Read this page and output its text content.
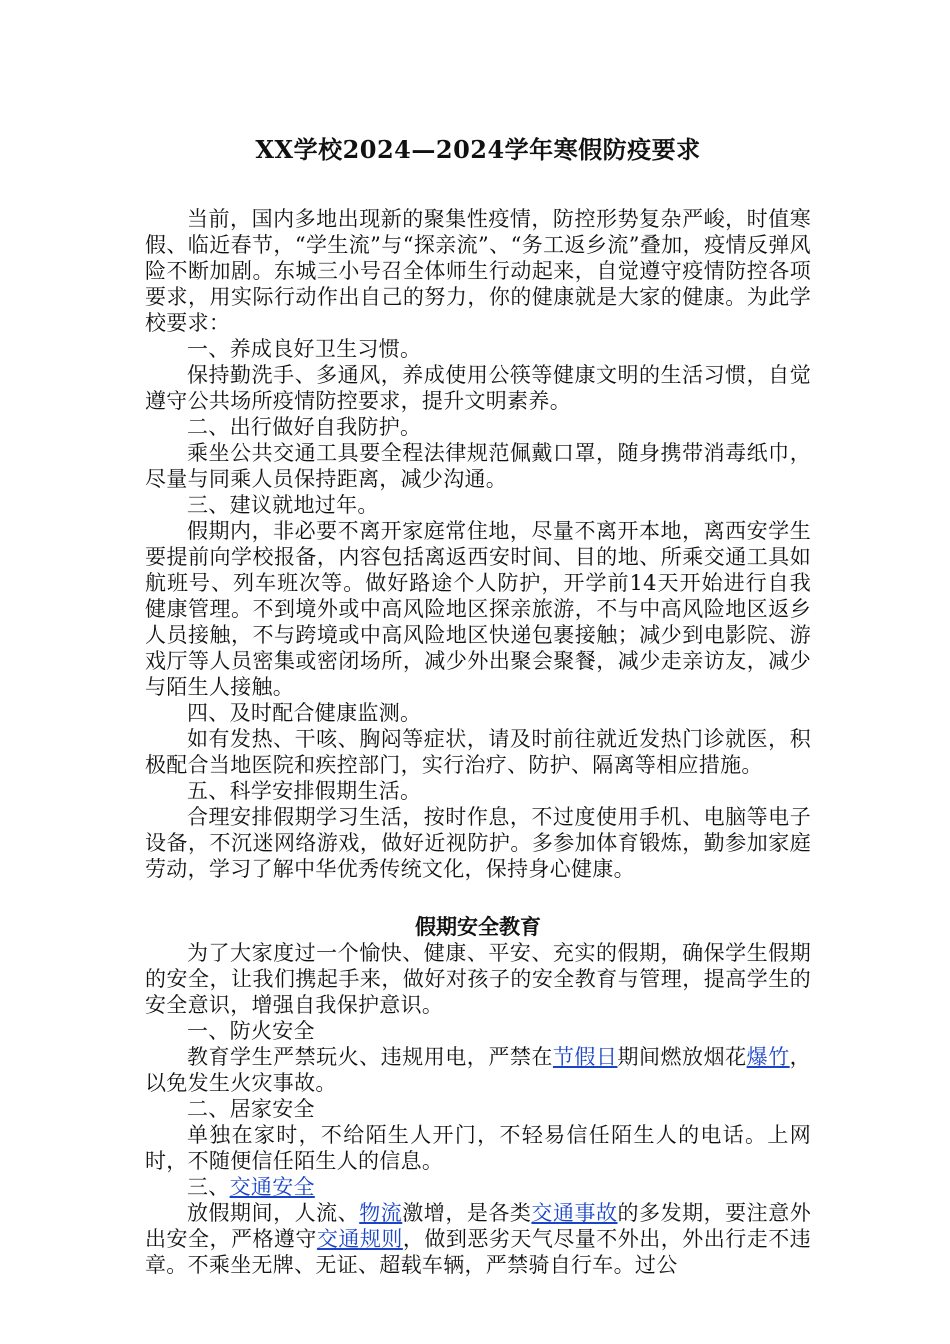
XX学校2024—2024学年寒假防疫要求

当前，国内多地出现新的聚集性疫情，防控形势复杂严峻，时值寒假、临近春节，“学生流”与“探亲流”、“务工返乡流”叠加，疫情反弹风险不断加剧。东城三小号召全体师生行动起来，自觉遵守疫情防控各项要求，用实际行动作出自己的努力，你的健康就是大家的健康。为此学校要求：

一、养成良好卫生习惯。

保持勤洗手、多通风，养成使用公筷等健康文明的生活习惯，自觉遵守公共场所疫情防控要求，提升文明素养。

二、出行做好自我防护。

乘坐公共交通工具要全程法律规范佩戴口罩，随身携带消毒纸巾，尽量与同乘人员保持距离，减少沟通。

三、建议就地过年。

假期内，非必要不离开家庭常住地，尽量不离开本地，离西安学生要提前向学校报备，内容包括离返西安时间、目的地、所乘交通工具如航班号、列车班次等。做好路途个人防护，开学前14天开始进行自我健康管理。不到境外或中高风险地区探亲旅游，不与中高风险地区返乡人员接触，不与跨境或中高风险地区快递包裹接触；减少到电影院、游戏厅等人员密集或密闭场所，减少外出聚会聚餐，减少走亲访友，减少与陌生人接触。

四、及时配合健康监测。

如有发热、干咳、胸闷等症状，请及时前往就近发热门诊就医，积极配合当地医院和疾控部门，实行治疗、防护、隔离等相应措施。

五、科学安排假期生活。

合理安排假期学习生活，按时作息，不过度使用手机、电脑等电子设备，不沉迷网络游戏，做好近视防护。多参加体育锻炼，勤参加家庭劳动，学习了解中华优秀传统文化，保持身心健康。

假期安全教育

为了大家度过一个愉快、健康、平安、充实的假期，确保学生假期的安全，让我们携起手来，做好对孩子的安全教育与管理，提高学生的安全意识，增强自我保护意识。

一、防火安全

教育学生严禁玩火、违规用电，严禁在节假日期间燃放烟花爆竹，以免发生火灾事故。

二、居家安全

单独在家时，不给陌生人开门，不轻易信任陌生人的电话。上网时，不随便信任陌生人的信息。

三、交通安全

放假期间，人流、物流激增，是各类交通事故的多发期，要注意外出安全，严格遵守交通规则，做到恶劣天气尽量不外出，外出行走不违章。不乘坐无牌、无证、超载车辆，严禁骑自行车。过公
